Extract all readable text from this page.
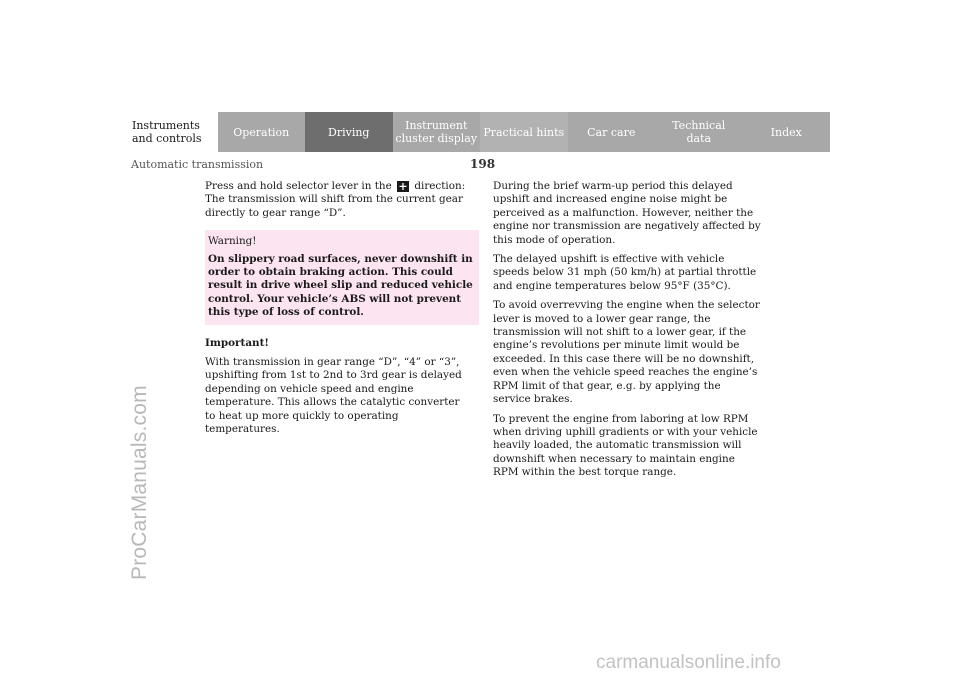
ProCarManuals.com
Instruments
and controls	Operation	Driving	Instrument
cluster display Practical hints	Car care	Technical
data	Index
Automatic transmission	198

Press and hold selector lever in the + direction: The transmission will shift from the current gear directly to gear range “D”.

Warning!
On slippery road surfaces, never downshift in order to obtain braking action. This could result in drive wheel slip and reduced vehicle control. Your vehicle’s ABS will not prevent this type of loss of control.

Important!

With transmission in gear range “D”, “4” or “3”, upshifting from 1st to 2nd to 3rd gear is delayed depending on vehicle speed and engine temperature. This allows the catalytic converter to heat up more quickly to operating temperatures.

During the brief warm-up period this delayed upshift and increased engine noise might be perceived as a malfunction. However, neither the engine nor transmission are negatively affected by this mode of operation.

The delayed upshift is effective with vehicle speeds below 31 mph (50 km/h) at partial throttle and engine temperatures below 95°F (35°C).

To avoid overrevving the engine when the selector lever is moved to a lower gear range, the transmission will not shift to a lower gear, if the engine’s revolutions per minute limit would be exceeded. In this case there will be no downshift, even when the vehicle speed reaches the engine’s RPM limit of that gear, e.g. by applying the service brakes.

To prevent the engine from laboring at low RPM when driving uphill gradients or with your vehicle heavily loaded, the automatic transmission will downshift when necessary to maintain engine RPM within the best torque range.

carmanualsonline.info
